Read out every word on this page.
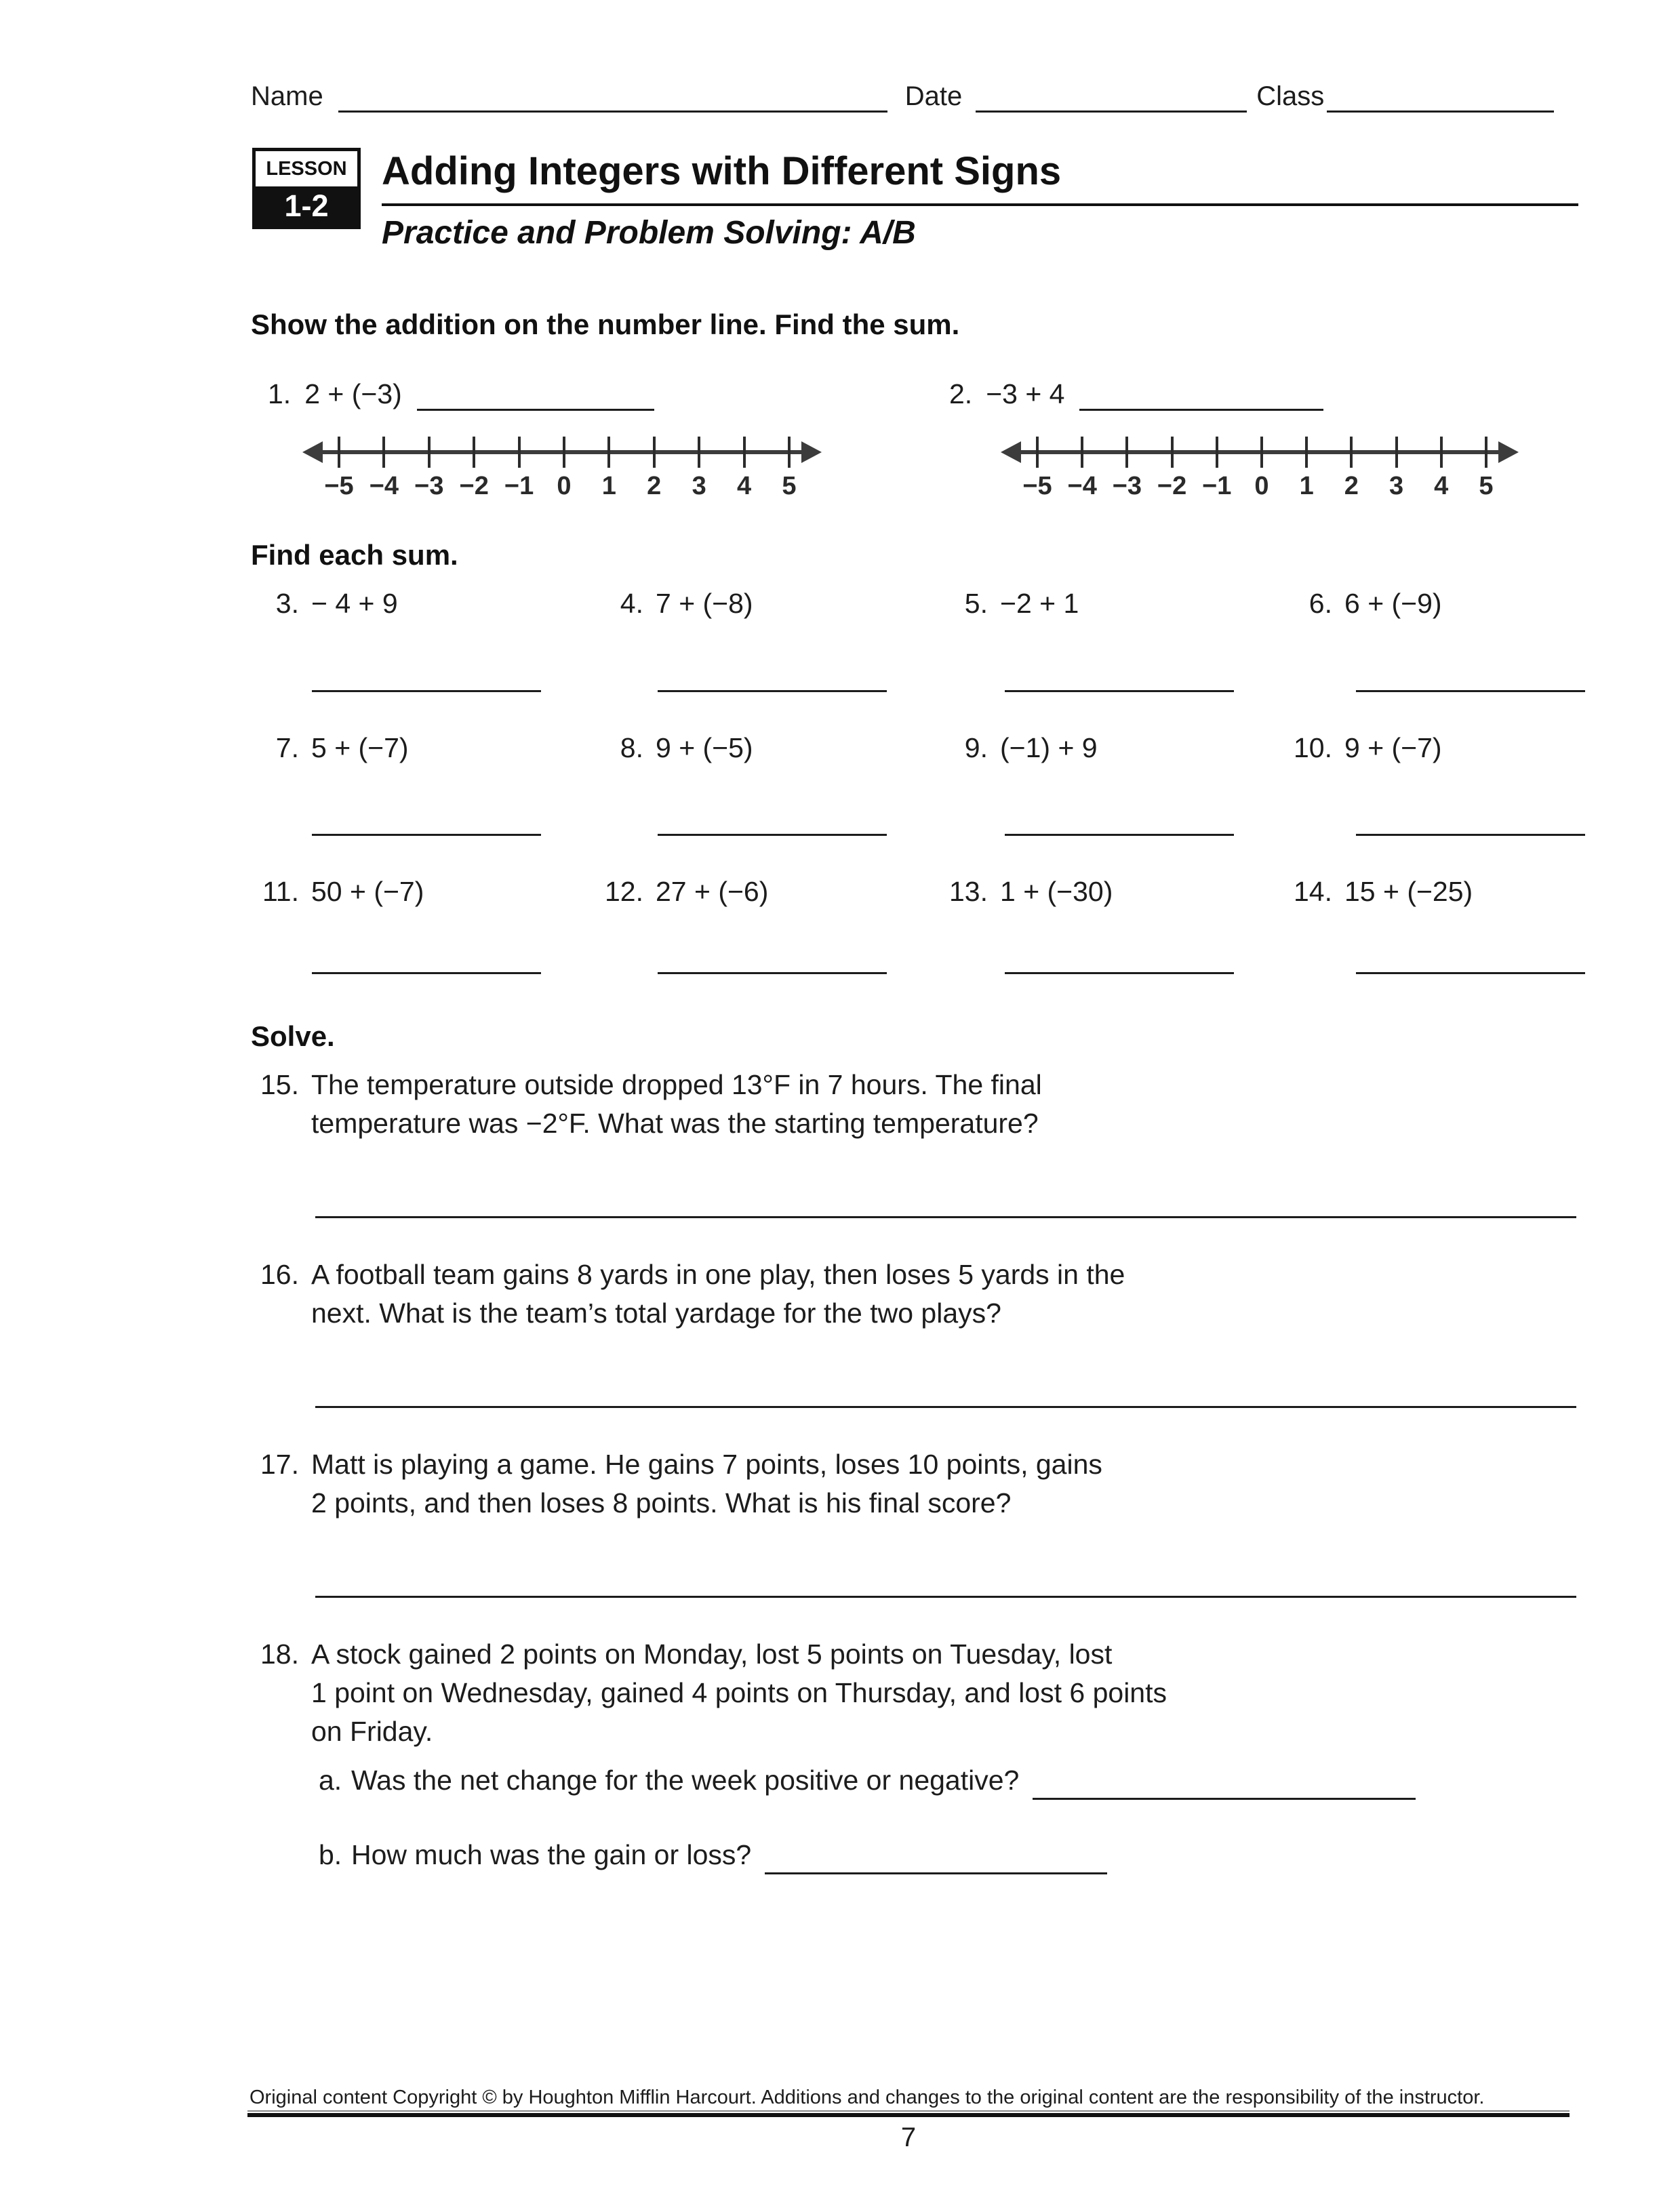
Name	Date	Class
LESSON
1-2
Adding Integers with Different Signs
Practice and Problem Solving: A/B
Show the addition on the number line. Find the sum.
1. 2 + (−3)	2. −3 + 4
−5 −4 −3 −2 −1 0 1 2 3 4 5	−5 −4 −3 −2 −1 0 1 2 3 4 5
Find each sum.
3. − 4 + 9	4. 7 + (−8)	5. −2 + 1	6. 6 + (−9)
7. 5 + (−7)	8. 9 + (−5)	9. (−1) + 9	10. 9 + (−7)
11. 50 + (−7)	12. 27 + (−6)	13. 1 + (−30)	14. 15 + (−25)
Solve.
15. The temperature outside dropped 13°F in 7 hours. The final
temperature was −2°F. What was the starting temperature?
16. A football team gains 8 yards in one play, then loses 5 yards in the
next. What is the team’s total yardage for the two plays?
17. Matt is playing a game. He gains 7 points, loses 10 points, gains
2 points, and then loses 8 points. What is his final score?
18. A stock gained 2 points on Monday, lost 5 points on Tuesday, lost
1 point on Wednesday, gained 4 points on Thursday, and lost 6 points
on Friday.
a. Was the net change for the week positive or negative?
b. How much was the gain or loss?
Original content Copyright © by Houghton Mifflin Harcourt. Additions and changes to the original content are the responsibility of the instructor.
7
